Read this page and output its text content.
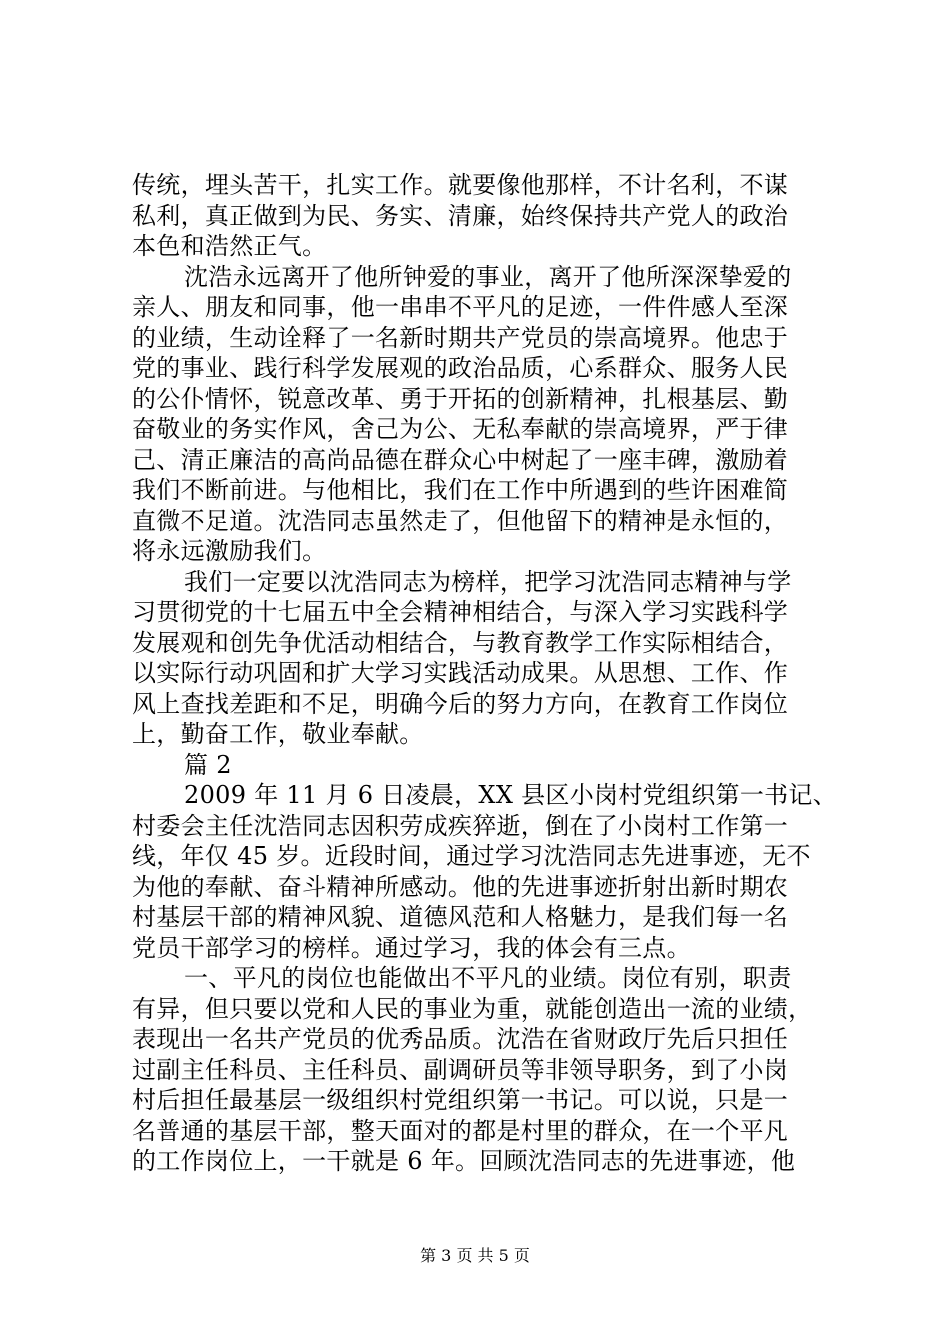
传统，埋头苦干，扎实工作。就要像他那样，不计名利，不谋
私利，真正做到为民、务实、清廉，始终保持共产党人的政治
本色和浩然正气。
沈浩永远离开了他所钟爱的事业，离开了他所深深挚爱的
亲人、朋友和同事，他一串串不平凡的足迹，一件件感人至深
的业绩，生动诠释了一名新时期共产党员的崇高境界。他忠于
党的事业、践行科学发展观的政治品质，心系群众、服务人民
的公仆情怀，锐意改革、勇于开拓的创新精神，扎根基层、勤
奋敬业的务实作风，舍己为公、无私奉献的崇高境界，严于律
己、清正廉洁的高尚品德在群众心中树起了一座丰碑，激励着
我们不断前进。与他相比，我们在工作中所遇到的些许困难简
直微不足道。沈浩同志虽然走了，但他留下的精神是永恒的，
将永远激励我们。
我们一定要以沈浩同志为榜样，把学习沈浩同志精神与学
习贯彻党的十七届五中全会精神相结合，与深入学习实践科学
发展观和创先争优活动相结合，与教育教学工作实际相结合，
以实际行动巩固和扩大学习实践活动成果。从思想、工作、作
风上查找差距和不足，明确今后的努力方向，在教育工作岗位
上，勤奋工作，敬业奉献。
篇 2
2009 年 11 月 6 日凌晨，XX 县区小岗村党组织第一书记、
村委会主任沈浩同志因积劳成疾猝逝，倒在了小岗村工作第一
线，年仅 45 岁。近段时间，通过学习沈浩同志先进事迹，无不
为他的奉献、奋斗精神所感动。他的先进事迹折射出新时期农
村基层干部的精神风貌、道德风范和人格魅力，是我们每一名
党员干部学习的榜样。通过学习，我的体会有三点。
一、平凡的岗位也能做出不平凡的业绩。岗位有别，职责
有异，但只要以党和人民的事业为重，就能创造出一流的业绩，
表现出一名共产党员的优秀品质。沈浩在省财政厅先后只担任
过副主任科员、主任科员、副调研员等非领导职务，到了小岗
村后担任最基层一级组织村党组织第一书记。可以说，只是一
名普通的基层干部，整天面对的都是村里的群众，在一个平凡
的工作岗位上，一干就是 6 年。回顾沈浩同志的先进事迹，他
第 3 页 共 5 页
